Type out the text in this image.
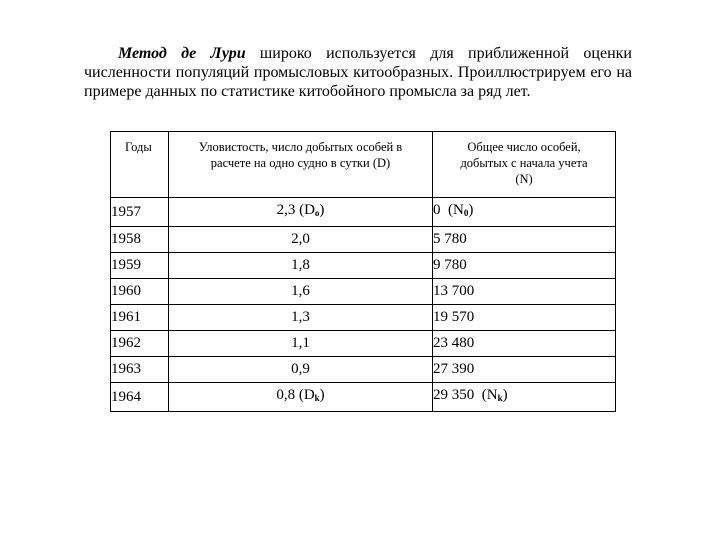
Метод де Лури широко используется для приближенной оценки численности популяций промысловых китообразных. Проиллюстрируем его на примере данных по статистике китобойного промысла за ряд лет.
Годы	Уловистость, число добытых особей в расчете на одно судно в сутки (D)	Общее число особей, добытых с начала учета (N)
1957	2,3 $(D_o)$	0  $(N_0)$
1958	2,0	5 780
1959	1,8	9 780
1960	1,6	13 700
1961	1,3	19 570
1962	1,1	23 480
1963	0,9	27 390
1964	0,8 $(D_k)$	29 350  $(N_k)$
